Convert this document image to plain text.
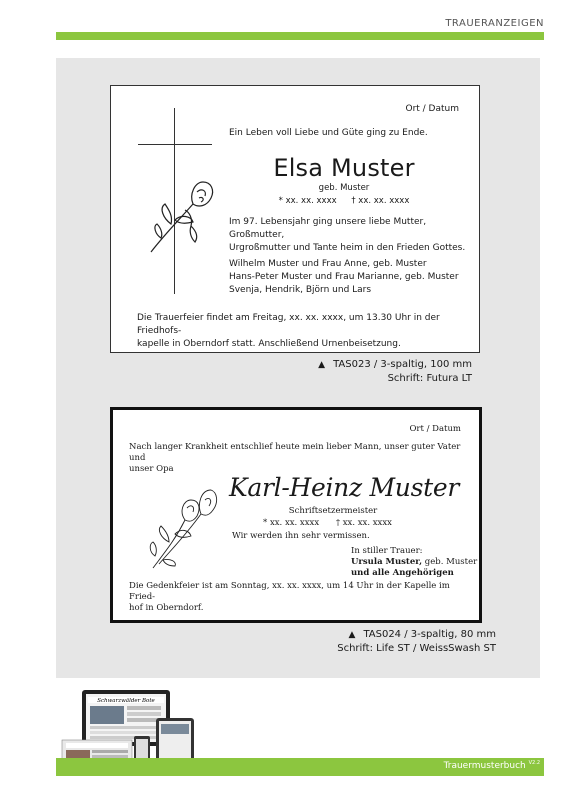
TRAUERANZEIGEN
Ort / Datum
Ein Leben voll Liebe und Güte ging zu Ende.
Elsa Muster
geb. Muster
* xx. xx. xxxx † xx. xx. xxxx
Im 97. Lebensjahr ging unsere liebe Mutter, Großmutter,
Urgroßmutter und Tante heim in den Frieden Gottes.
Wilhelm Muster und Frau Anne, geb. Muster
Hans-Peter Muster und Frau Marianne, geb. Muster
Svenja, Hendrik, Björn und Lars
Die Trauerfeier findet am Freitag, xx. xx. xxxx, um 13.30 Uhr in der Friedhofs-
kapelle in Oberndorf statt. Anschließend Urnenbeisetzung.
▲ TAS023 / 3-spaltig, 100 mm
Schrift: Futura LT
Ort / Datum
Nach langer Krankheit entschlief heute mein lieber Mann, unser guter Vater und
unser Opa
Karl-Heinz Muster
Schriftsetzermeister
* xx. xx. xxxx † xx. xx. xxxx
Wir werden ihn sehr vermissen.
In stiller Trauer:
Ursula Muster, geb. Muster
und alle Angehörigen
Die Gedenkfeier ist am Sonntag, xx. xx. xxxx, um 14 Uhr in der Kapelle im Fried-
hof in Oberndorf.
▲ TAS024 / 3-spaltig, 80 mm
Schrift: Life ST / WeissSwash ST
Schwarzwälder Bote
Trauermusterbuch $^{V2.2}$
